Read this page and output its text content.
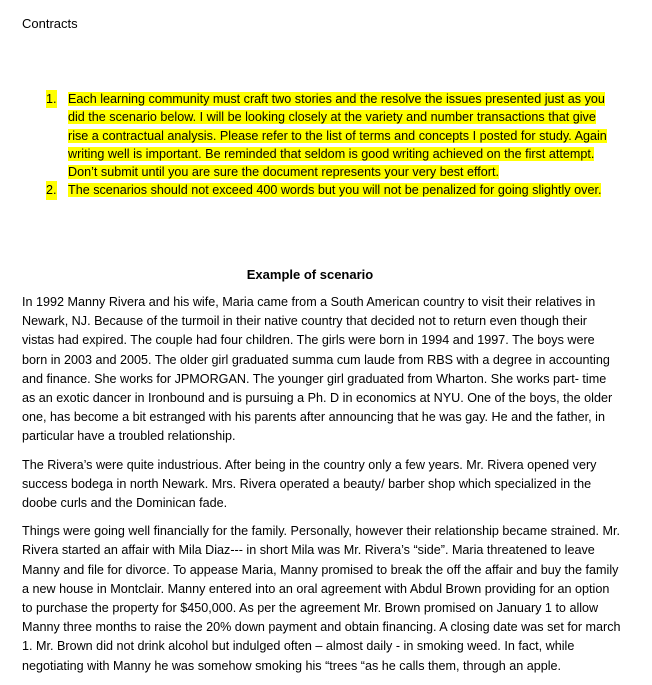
Contracts
1. Each learning community must craft two stories and the resolve the issues presented just as you did the scenario below. I will be looking closely at the variety and number transactions that give rise a contractual analysis. Please refer to the list of terms and concepts I posted for study. Again writing well is important. Be reminded that seldom is good writing achieved on the first attempt. Don’t submit until you are sure the document represents your very best effort.
2. The scenarios should not exceed 400 words but you will not be penalized for going slightly over.
Example of scenario

In 1992 Manny Rivera and his wife, Maria came from a South American country to visit their relatives in Newark, NJ. Because of the turmoil in their native country that decided not to return even though their vistas had expired. The couple had four children. The girls were born in 1994 and 1997. The boys were born in 2003 and 2005. The older girl graduated summa cum laude from RBS with a degree in accounting and finance. She works for JPMORGAN. The younger girl graduated from Wharton. She works part- time as an exotic dancer in Ironbound and is pursuing a Ph. D in economics at NYU. One of the boys, the older one, has become a bit estranged with his parents after announcing that he was gay. He and the father, in particular have a troubled relationship.

The Rivera’s were quite industrious. After being in the country only a few years. Mr. Rivera opened very success bodega in north Newark. Mrs. Rivera operated a beauty/ barber shop which specialized in the doobe curls and the Dominican fade.

Things were going well financially for the family. Personally, however their relationship became strained. Mr. Rivera started an affair with Mila Diaz--- in short Mila was Mr. Rivera’s “side”. Maria threatened to leave Manny and file for divorce. To appease Maria, Manny promised to break the off the affair and buy the family a new house in Montclair. Manny entered into an oral agreement with Abdul Brown providing for an option to purchase the property for $450,000. As per the agreement Mr. Brown promised on January 1 to allow Manny three months to raise the 20% down payment and obtain financing. A closing date was set for march 1. Mr. Brown did not drink alcohol but indulged often – almost daily - in smoking weed. In fact, while negotiating with Manny he was somehow smoking his “trees “as he calls them, through an apple.
